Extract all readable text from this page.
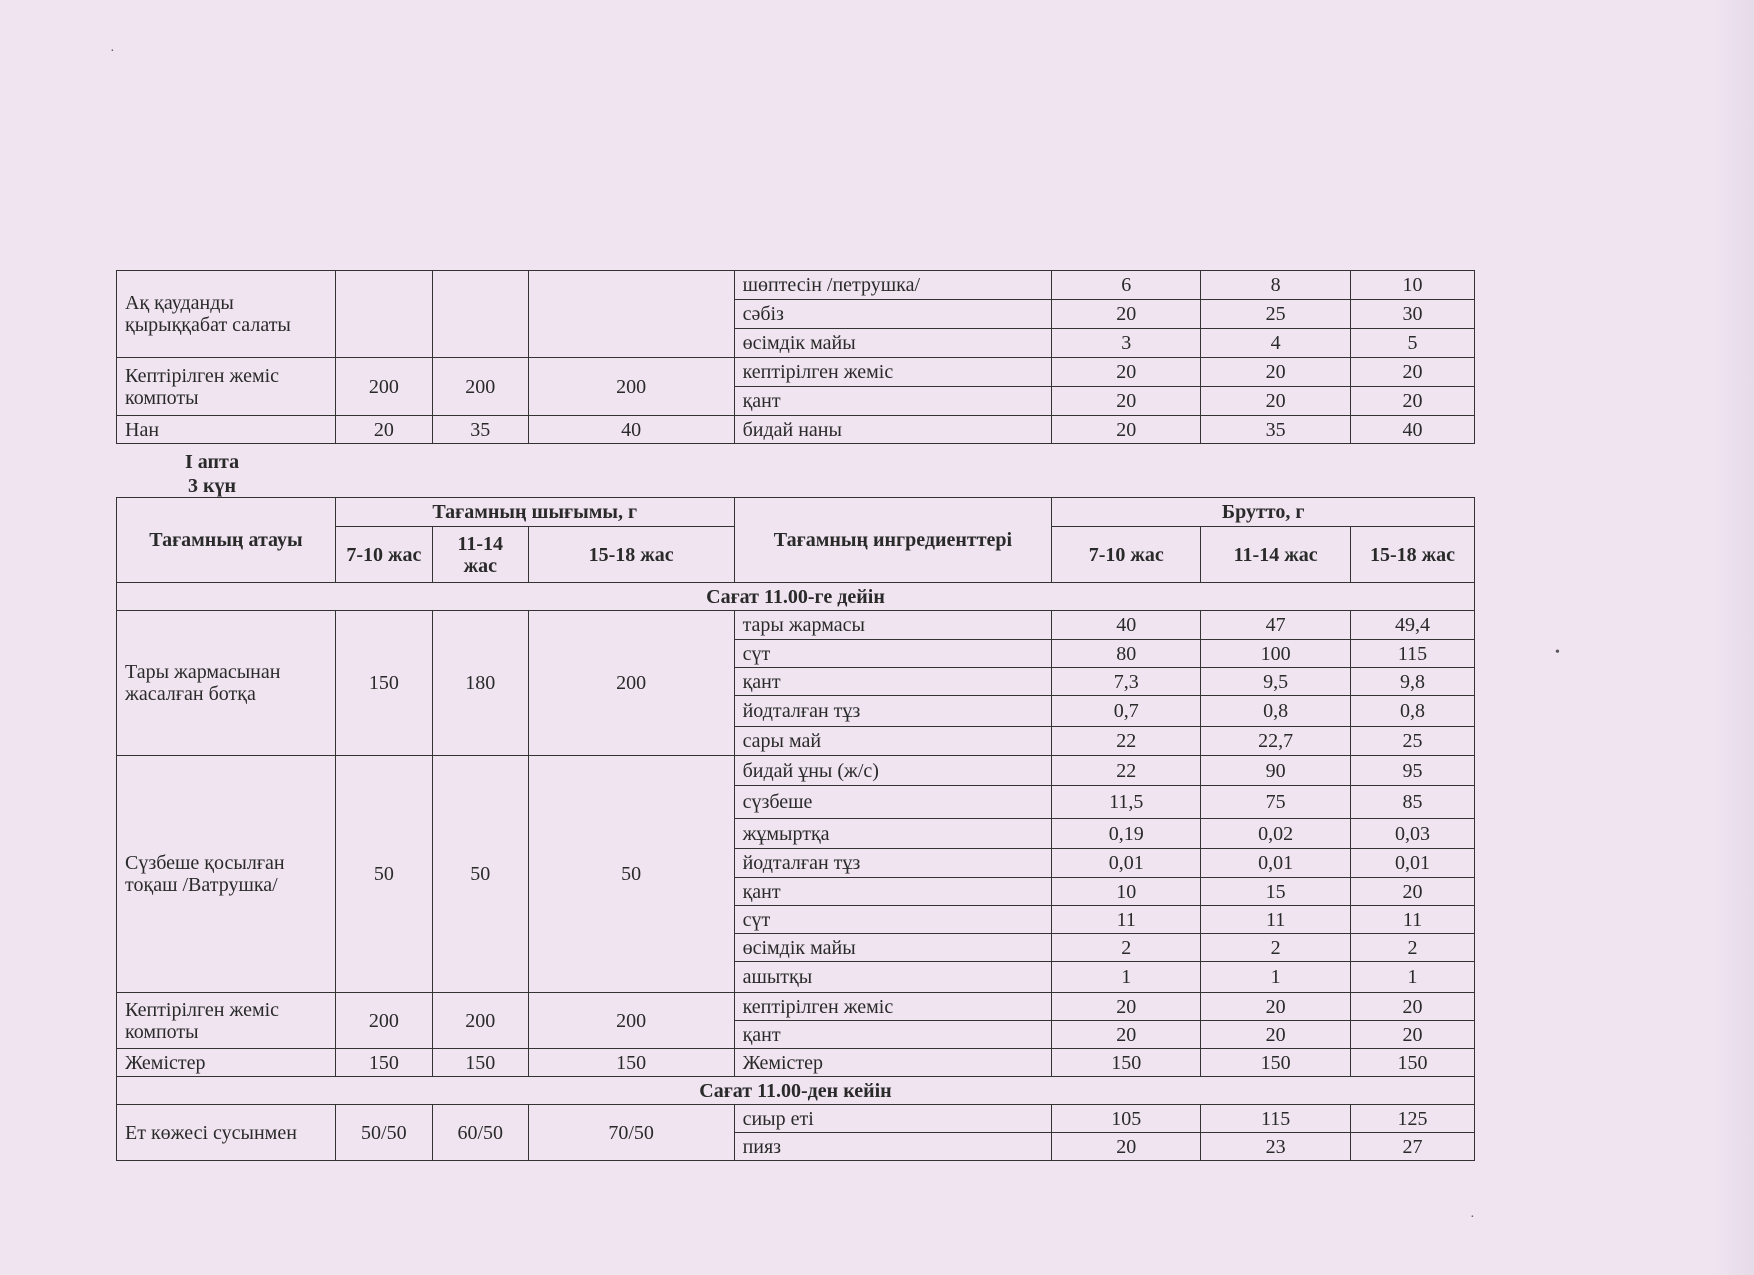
Ақ қауданды қырыққабат салаты				шөптесін /петрушка/	6	8	10
				сәбіз	20	25	30
				өсімдік майы	3	4	5
Кептірілген жеміс компоты	200	200	200	кептірілген жеміс	20	20	20
				қант	20	20	20
Нан	20	35	40	бидай наны	20	35	40
I апта
3 күн
Тағамның атауы	Тағамның шығымы, г			Тағамның ингредиенттері	Брутто, г		
	7-10 жас	11-14 жас	15-18 жас		7-10 жас	11-14 жас	15-18 жас
Сағат 11.00-ге дейін							
Тары жармасынан жасалған ботқа	150	180	200	тары жармасы	40	47	49,4
				сүт	80	100	115
				қант	7,3	9,5	9,8
				йодталған тұз	0,7	0,8	0,8
				сары май	22	22,7	25
Сүзбеше қосылған тоқаш /Ватрушка/	50	50	50	бидай ұны (ж/с)	22	90	95
				сүзбеше	11,5	75	85
				жұмыртқа	0,19	0,02	0,03
				йодталған тұз	0,01	0,01	0,01
				қант	10	15	20
				сүт	11	11	11
				өсімдік майы	2	2	2
				ашытқы	1	1	1
Кептірілген жеміс компоты	200	200	200	кептірілген жеміс	20	20	20
				қант	20	20	20
Жемістер	150	150	150	Жемістер	150	150	150
Сағат 11.00-ден кейін							
Ет көжесі сусынмен	50/50	60/50	70/50	сиыр еті	105	115	125
				пияз	20	23	27
·
•
·
